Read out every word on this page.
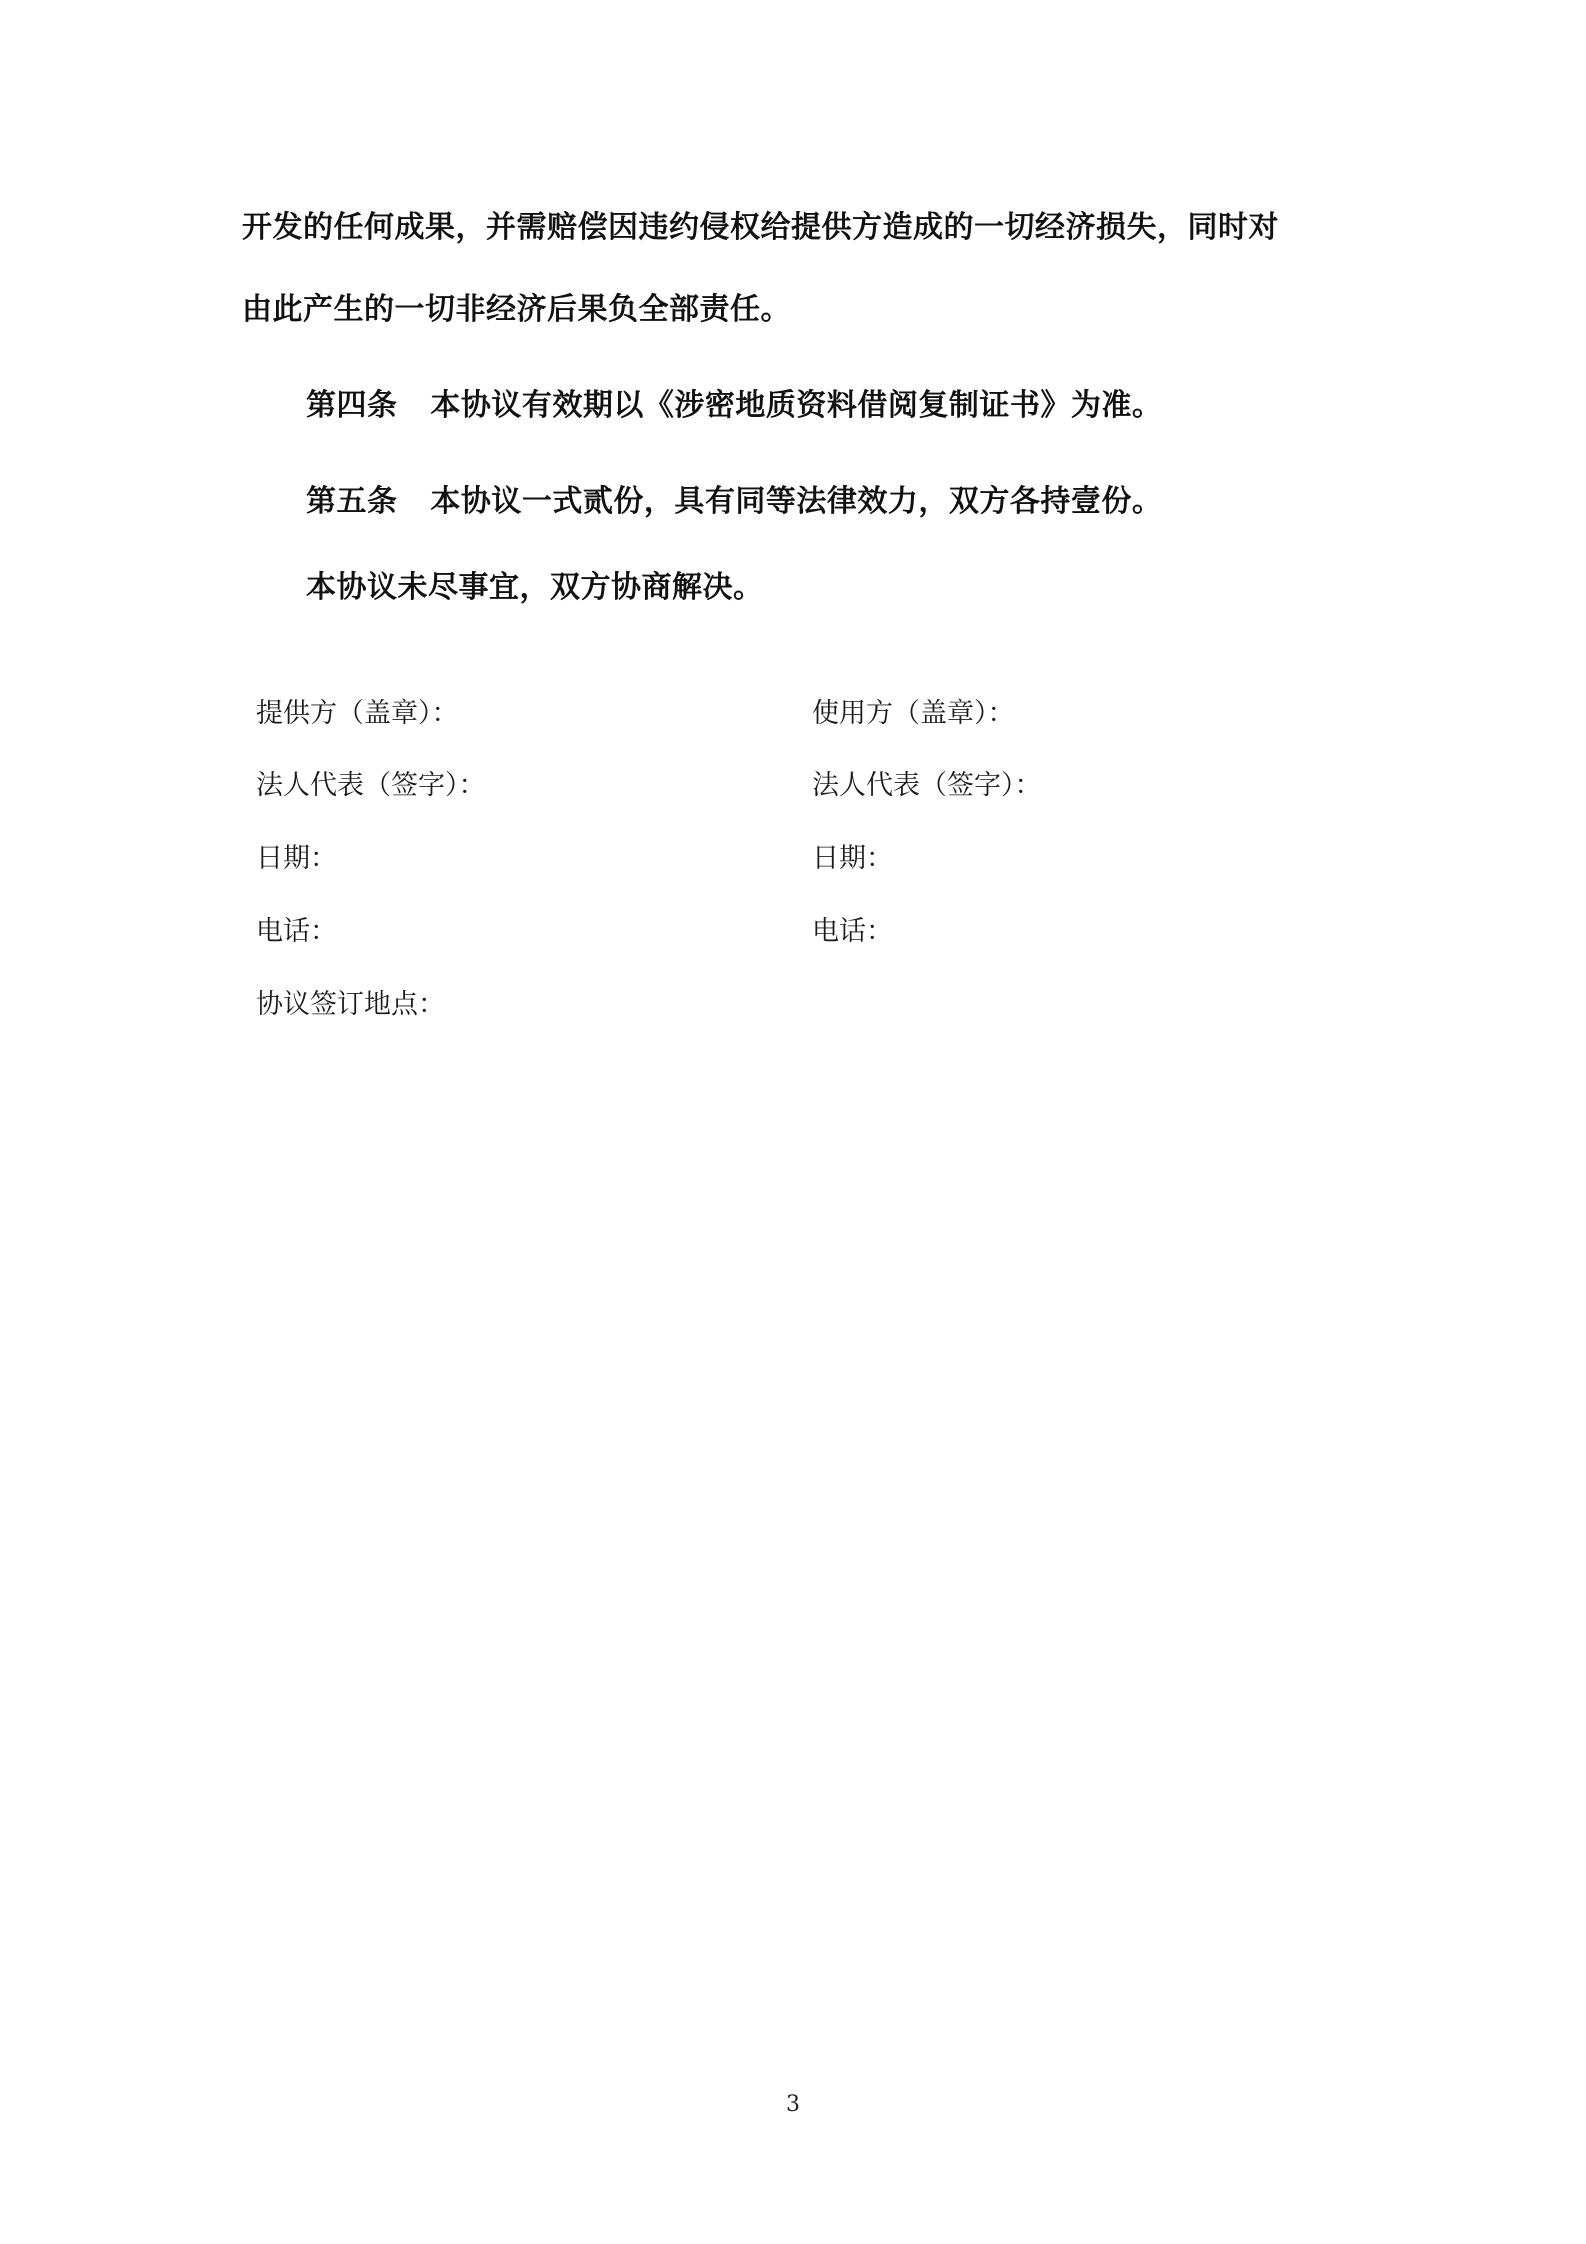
开发的任何成果，并需赔偿因违约侵权给提供方造成的一切经济损失，同时对
由此产生的一切非经济后果负全部责任。
第四条 本协议有效期以《涉密地质资料借阅复制证书》为准。
第五条 本协议一式贰份，具有同等法律效力，双方各持壹份。
本协议未尽事宜，双方协商解决。
提供方（盖章）：	使用方（盖章）：
法人代表（签字）：	法人代表（签字）：
日期：	日期：
电话：	电话：
协议签订地点：
3
